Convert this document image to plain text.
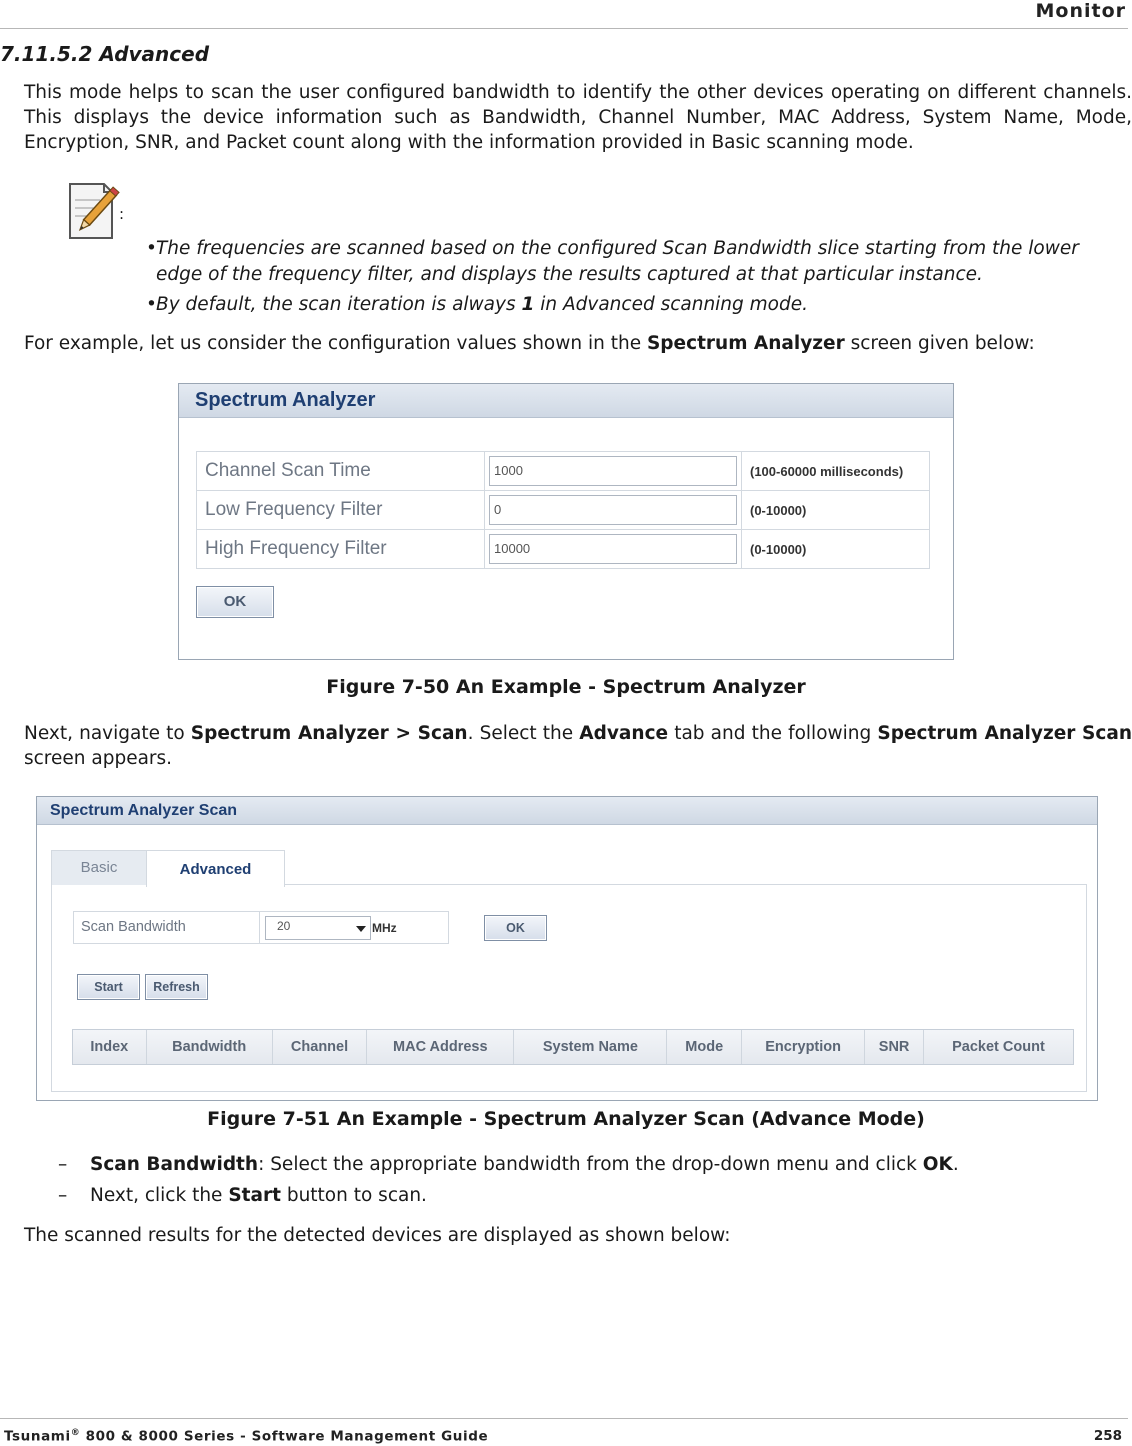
Monitor
7.11.5.2 Advanced
This mode helps to scan the user configured bandwidth to identify the other devices operating on different channels. This displays the device information such as Bandwidth, Channel Number, MAC Address, System Name, Mode, Encryption, SNR, and Packet count along with the information provided in Basic scanning mode.
:
• The frequencies are scanned based on the configured Scan Bandwidth slice starting from the lower edge of the frequency filter, and displays the results captured at that particular instance.
• By default, the scan iteration is always 1 in Advanced scanning mode.
For example, let us consider the configuration values shown in the Spectrum Analyzer screen given below:
Spectrum Analyzer
Channel Scan Time	1000	(100-60000 milliseconds)
Low Frequency Filter	0	(0-10000)
High Frequency Filter	10000	(0-10000)
OK
Figure 7-50 An Example - Spectrum Analyzer
Next, navigate to Spectrum Analyzer > Scan. Select the Advance tab and the following Spectrum Analyzer Scan screen appears.
Spectrum Analyzer Scan
Basic	Advanced
Scan Bandwidth	20	MHz	OK
Start	Refresh
Index	Bandwidth	Channel	MAC Address	System Name	Mode	Encryption	SNR	Packet Count
Figure 7-51 An Example - Spectrum Analyzer Scan (Advance Mode)
– Scan Bandwidth: Select the appropriate bandwidth from the drop-down menu and click OK.
– Next, click the Start button to scan.
The scanned results for the detected devices are displayed as shown below:
Tsunami® 800 & 8000 Series - Software Management Guide	258
